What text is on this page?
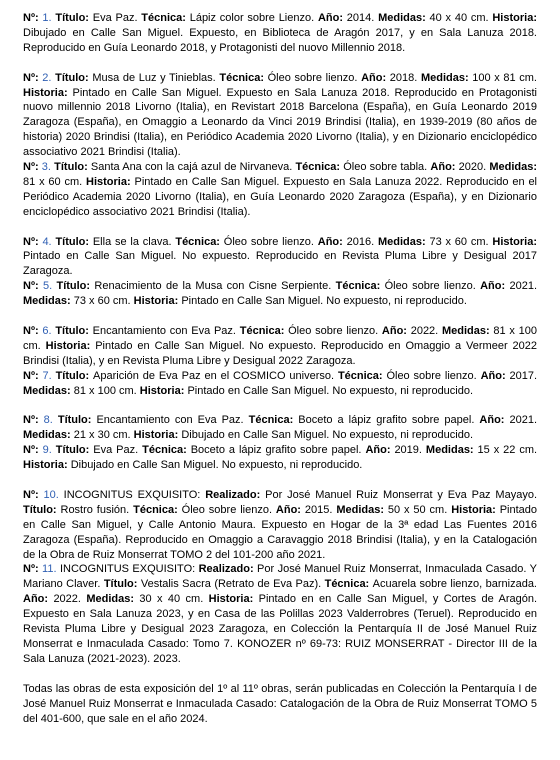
Nº: 1. Título: Eva Paz. Técnica: Lápiz color sobre Lienzo. Año: 2014. Medidas: 40 x 40 cm. Historia: Dibujado en Calle San Miguel. Expuesto, en Biblioteca de Aragón 2017, y en Sala Lanuza 2018. Reproducido en Guía Leonardo 2018, y Protagonisti del nuovo Millennio 2018.

Nº: 2. Título: Musa de Luz y Tinieblas. Técnica: Óleo sobre lienzo. Año: 2018. Medidas: 100 x 81 cm. Historia: Pintado en Calle San Miguel. Expuesto en Sala Lanuza 2018. Reproducido en Protagonisti nuovo millennio 2018 Livorno (Italia), en Revistart 2018 Barcelona (España), en Guía Leonardo 2019 Zaragoza (España), en Omaggio a Leonardo da Vinci 2019 Brindisi (Italia), en 1939-2019 (80 años de historia) 2020 Brindisi (Italia), en Periódico Academia 2020 Livorno (Italia), y en Dizionario enciclopédico associativo 2021 Brindisi (Italia).

Nº: 3. Título: Santa Ana con la cajá azul de Nirvaneva. Técnica: Óleo sobre tabla. Año: 2020. Medidas: 81 x 60 cm. Historia: Pintado en Calle San Miguel. Expuesto en Sala Lanuza 2022. Reproducido en el Periódico Academia 2020 Livorno (Italia), en Guía Leonardo 2020 Zaragoza (España), y en Dizionario enciclopédico associativo 2021 Brindisi (Italia).

Nº: 4. Título: Ella se la clava. Técnica: Óleo sobre lienzo. Año: 2016. Medidas: 73 x 60 cm. Historia: Pintado en Calle San Miguel. No expuesto. Reproducido en Revista Pluma Libre y Desigual 2017 Zaragoza.

Nº: 5. Título: Renacimiento de la Musa con Cisne Serpiente. Técnica: Óleo sobre lienzo. Año: 2021. Medidas: 73 x 60 cm. Historia: Pintado en Calle San Miguel. No expuesto, ni reproducido.

Nº: 6. Título: Encantamiento con Eva Paz. Técnica: Óleo sobre lienzo. Año: 2022. Medidas: 81 x 100 cm. Historia: Pintado en Calle San Miguel. No expuesto. Reproducido en Omaggio a Vermeer 2022 Brindisi (Italia), y en Revista Pluma Libre y Desigual 2022 Zaragoza.

Nº: 7. Título: Aparición de Eva Paz en el COSMICO universo. Técnica: Óleo sobre lienzo. Año: 2017. Medidas: 81 x 100 cm. Historia: Pintado en Calle San Miguel. No expuesto, ni reproducido.

Nº: 8. Título: Encantamiento con Eva Paz. Técnica: Boceto a lápiz grafito sobre papel. Año: 2021. Medidas: 21 x 30 cm. Historia: Dibujado en Calle San Miguel. No expuesto, ni reproducido.

Nº: 9. Título: Eva Paz. Técnica: Boceto a lápiz grafito sobre papel. Año: 2019. Medidas: 15 x 22 cm. Historia: Dibujado en Calle San Miguel. No expuesto, ni reproducido.

Nº: 10. INCOGNITUS EXQUISITO: Realizado: Por José Manuel Ruiz Monserrat y Eva Paz Mayayo. Título: Rostro fusión. Técnica: Óleo sobre lienzo. Año: 2015. Medidas: 50 x 50 cm. Historia: Pintado en Calle San Miguel, y Calle Antonio Maura. Expuesto en Hogar de la 3ª edad Las Fuentes 2016 Zaragoza (España). Reproducido en Omaggio a Caravaggio 2018 Brindisi (Italia), y en la Catalogación de la Obra de Ruiz Monserrat TOMO 2 del 101-200 año 2021.

Nº: 11. INCOGNITUS EXQUISITO: Realizado: Por José Manuel Ruiz Monserrat, Inmaculada Casado. Y Mariano Claver. Título: Vestalis Sacra (Retrato de Eva Paz). Técnica: Acuarela sobre lienzo, barnizada. Año: 2022. Medidas: 30 x 40 cm. Historia: Pintado en en Calle San Miguel, y Cortes de Aragón. Expuesto en Sala Lanuza 2023, y en Casa de las Polillas 2023 Valderrobres (Teruel). Reproducido en Revista Pluma Libre y Desigual 2023 Zaragoza, en Colección la Pentarquía II de José Manuel Ruiz Monserrat e Inmaculada Casado: Tomo 7. KONOZER nº 69-73: RUIZ MONSERRAT - Director III de la Sala Lanuza (2021-2023). 2023.

Todas las obras de esta exposición del 1º al 11º obras, serán publicadas en Colección la Pentarquía I de José Manuel Ruiz Monserrat e Inmaculada Casado: Catalogación de la Obra de Ruiz Monserrat TOMO 5 del 401-600, que sale en el año 2024.
